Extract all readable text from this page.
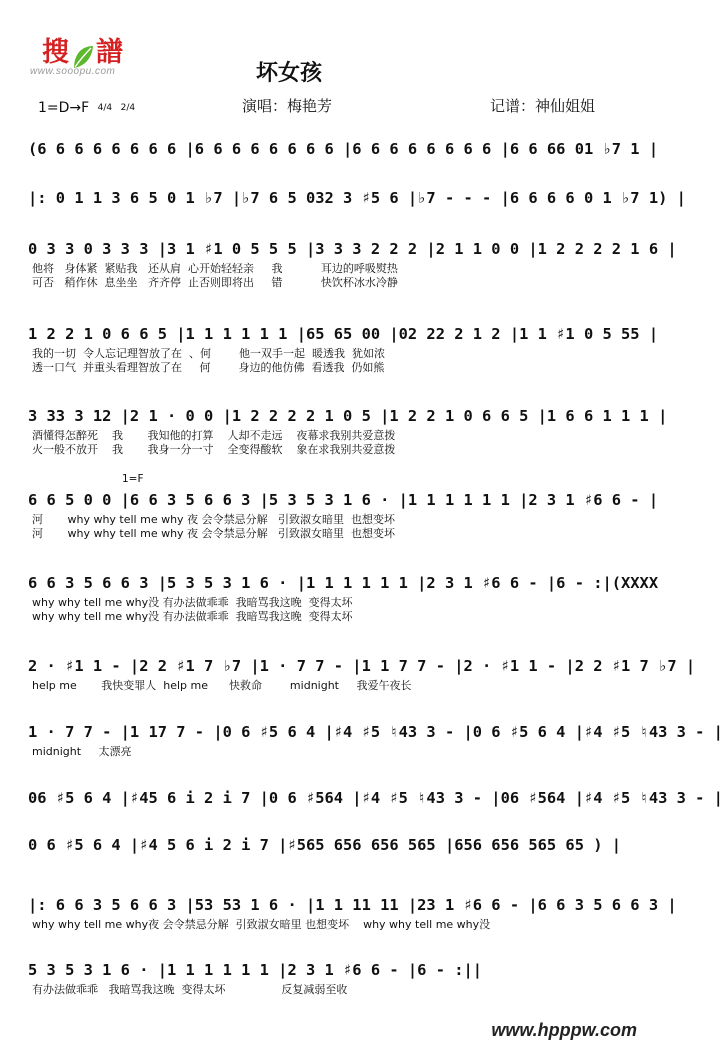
搜 譜
www.sooopu.com	坏女孩
演唱：梅艳芳	记谱：神仙姐姐
1=D→F 4/4 2/4
(6 6 6 6 6 6 6 6 |6 6 6 6 6 6 6 6 |6 6 6 6 6 6 6 6 |6 6 66 01 ♭7 1 |
|: 0 1 1 3 6 5 0 1 ♭7 |♭7 6 5 032 3 ♯5 6 |♭7 - - - |6 6 6 6 0 1 ♭7 1) |
0 3 3 0 3 3 3 |3 1 ♯1 0 5 5 5 |3 3 3 2 2 2 |2 1 1 0 0 |1 2 2 2 2 1 6 |
他将   身体紧  紧贴我   还从肩  心开始轻轻亲     我           耳边的呼吸熨热
可否   稍作休  息坐坐   齐齐停  止否则即将出     错           快饮杯冰水冷静
1 2 2 1 0 6 6 5 |1 1 1 1 1 1 |65 65 00 |02 22 2 1 2 |1 1 ♯1 0 5 55 |
我的一切  令人忘记理智放了在  、何        他一双手一起  暖透我  犹如浓
透一口气  并重头看理智放了在     何        身边的他仿佛  看透我  仍如熊
3 33 3 12 |2 1 · 0 0 |1 2 2 2 2 1 0 5 |1 2 2 1 0 6 6 5 |1 6 6 1 1 1 |
酒懂得怎醉死    我       我知他的打算    人却不走远    夜幕求我别共爱意拨
火一般不放开    我       我身一分一寸    全变得酸软    象在求我别共爱意拨
1=F
6 6 5 0 0 |6 6 3 5 6 6 3 |5 3 5 3 1 6 · |1 1 1 1 1 1 |2 3 1 ♯6 6 - |
河       why why tell me why 夜 会令禁忌分解   引致淑女暗里  也想变坏
河       why why tell me why 夜 会令禁忌分解   引致淑女暗里  也想变坏
6 6 3 5 6 6 3 |5 3 5 3 1 6 · |1 1 1 1 1 1 |2 3 1 ♯6 6 - |6 - :|(XXXX
why why tell me why没 有办法做乖乖  我暗骂我这晚  变得太坏
why why tell me why没 有办法做乖乖  我暗骂我这晚  变得太坏
2 · ♯1 1 - |2 2 ♯1 7 ♭7 |1 · 7 7 - |1 1 7 7 - |2 · ♯1 1 - |2 2 ♯1 7 ♭7 |
help me       我快变罪人  help me      快救命        midnight     我爱午夜长
1 · 7 7 - |1 17 7 - |0 6 ♯5 6 4 |♯4 ♯5 ♮43 3 - |0 6 ♯5 6 4 |♯4 ♯5 ♮43 3 - |
midnight     太漂亮
06 ♯5 6 4 |♯45 6 i 2 i 7 |0 6 ♯564 |♯4 ♯5 ♮43 3 - |06 ♯564 |♯4 ♯5 ♮43 3 - |
0 6 ♯5 6 4 |♯4 5 6 i 2 i 7 |♯565 656 656 565 |656 656 565 65 ) |
|: 6 6 3 5 6 6 3 |53 53 1 6 · |1 1 11 11 |23 1 ♯6 6 - |6 6 3 5 6 6 3 |
why why tell me why夜 会令禁忌分解  引致淑女暗里 也想变坏    why why tell me why没
5 3 5 3 1 6 · |1 1 1 1 1 1 |2 3 1 ♯6 6 - |6 - :||
有办法做乖乖   我暗骂我这晚  变得太坏                反复减弱至收
www.hpppw.com
